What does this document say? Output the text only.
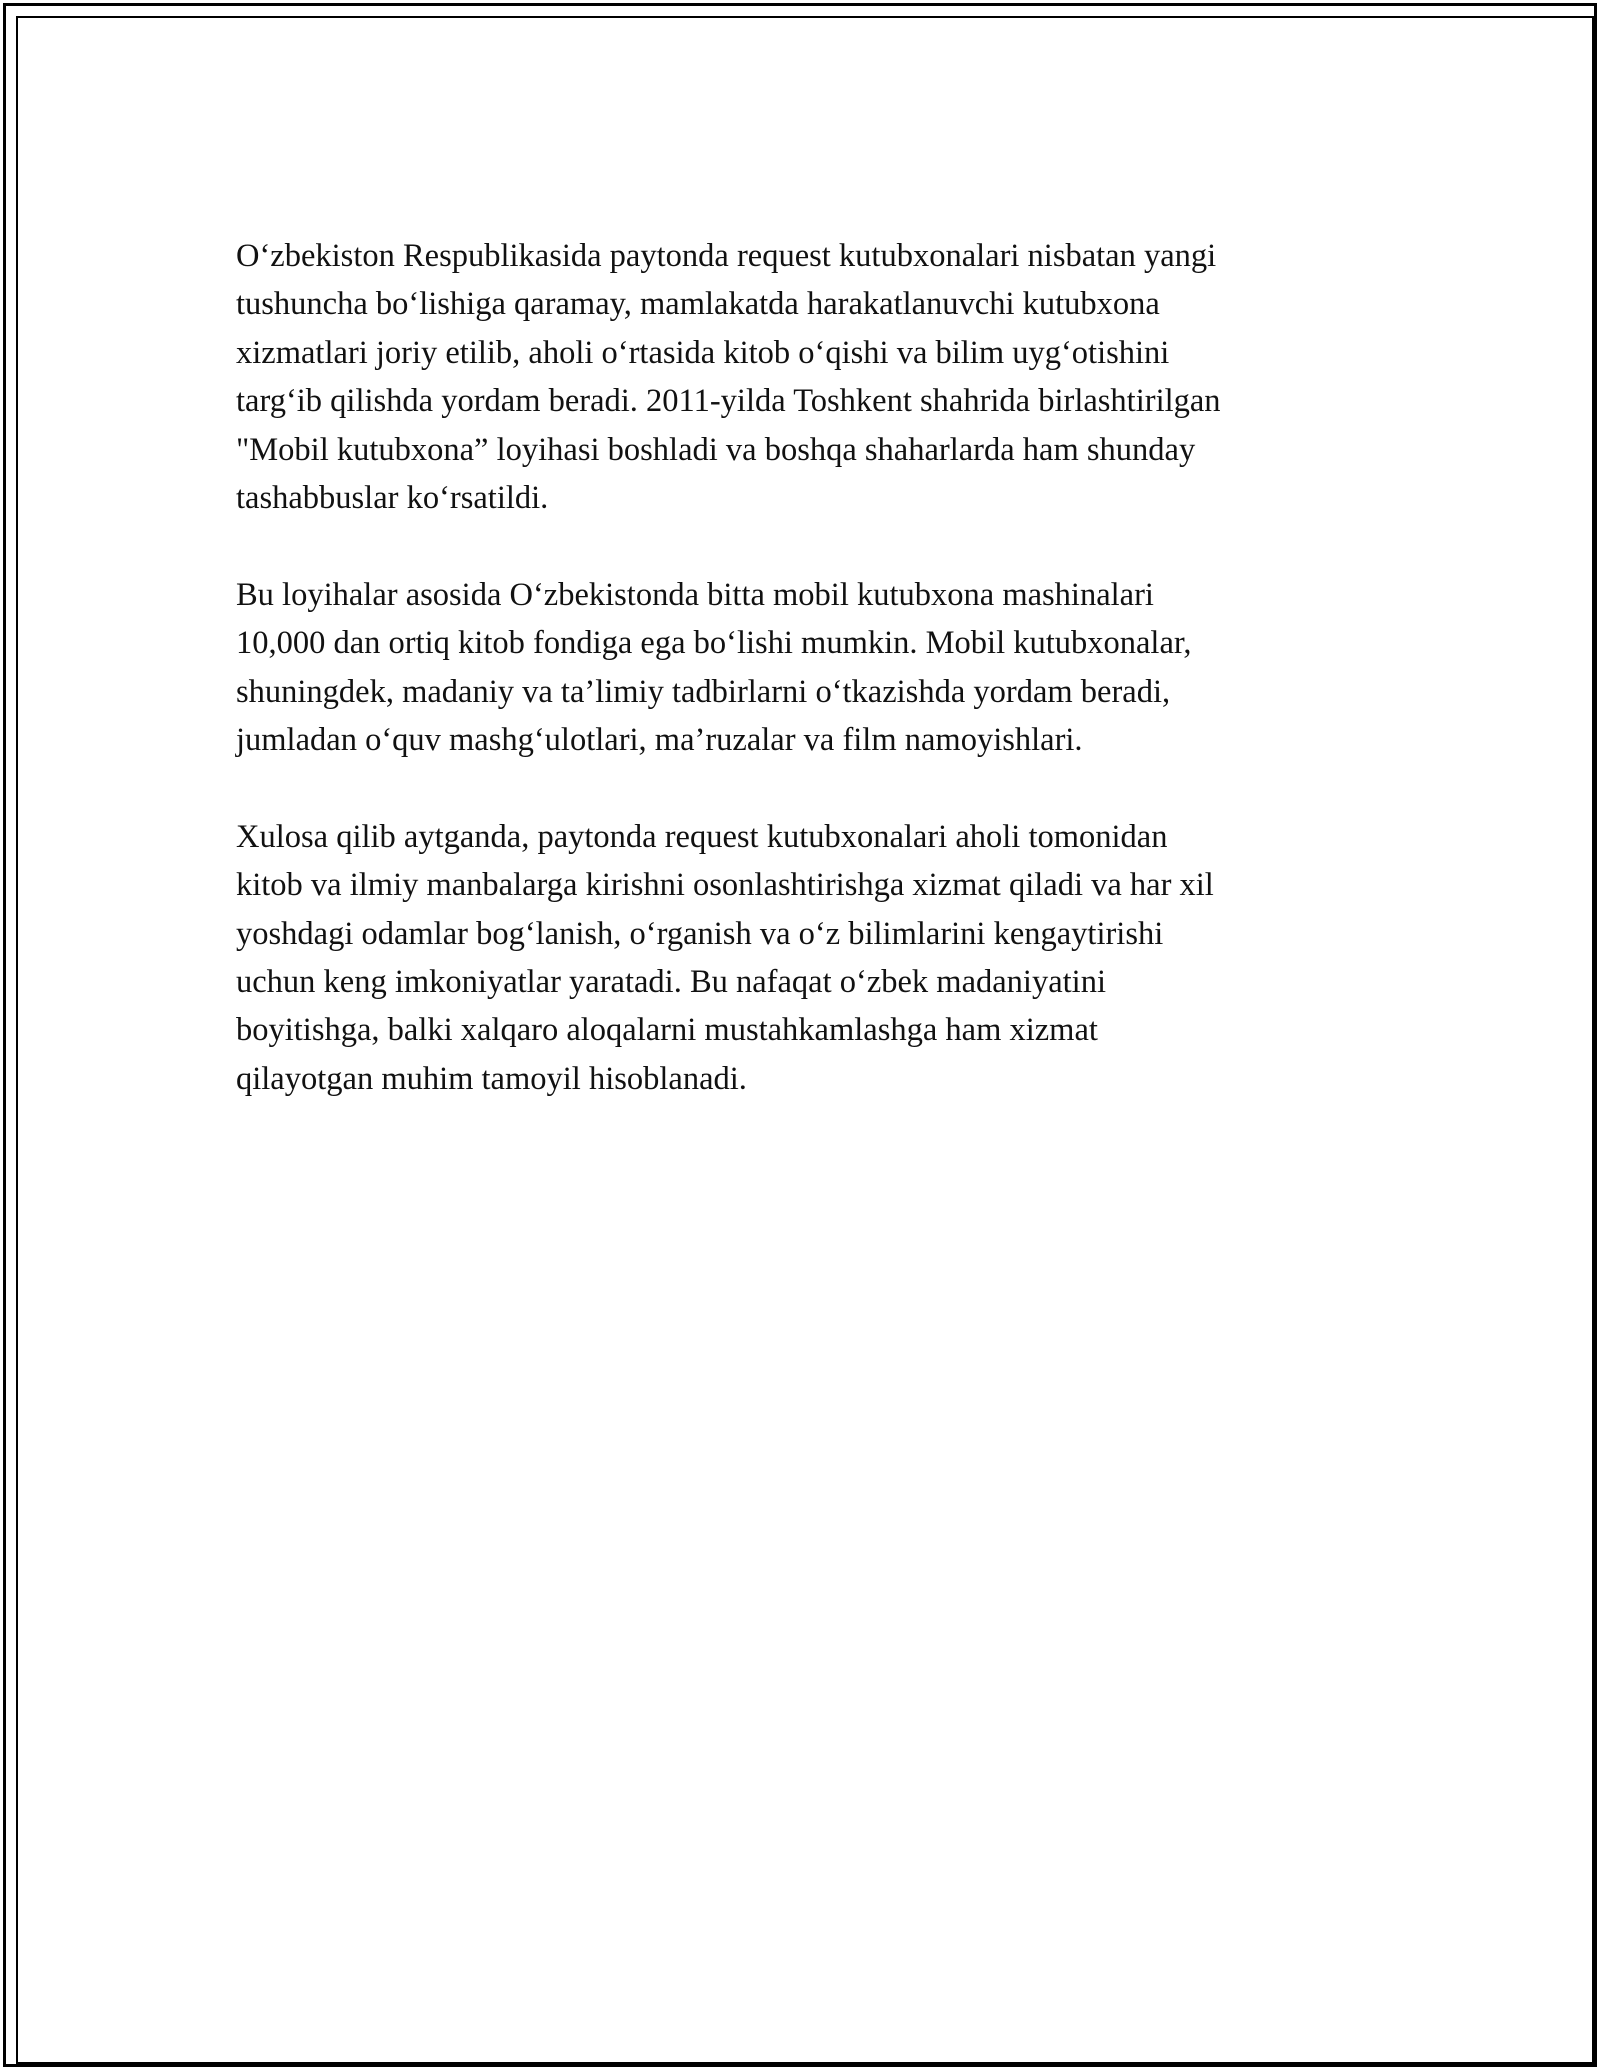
O‘zbekiston Respublikasida paytonda request kutubxonalari nisbatan yangi
tushuncha bo‘lishiga qaramay, mamlakatda harakatlanuvchi kutubxona
xizmatlari joriy etilib, aholi o‘rtasida kitob o‘qishi va bilim uyg‘otishini
targ‘ib qilishda yordam beradi. 2011-yilda Toshkent shahrida birlashtirilgan
"Mobil kutubxona” loyihasi boshladi va boshqa shaharlarda ham shunday
tashabbuslar ko‘rsatildi.

Bu loyihalar asosida O‘zbekistonda bitta mobil kutubxona mashinalari
10,000 dan ortiq kitob fondiga ega bo‘lishi mumkin. Mobil kutubxonalar,
shuningdek, madaniy va ta’limiy tadbirlarni o‘tkazishda yordam beradi,
jumladan o‘quv mashg‘ulotlari, ma’ruzalar va film namoyishlari.

Xulosa qilib aytganda, paytonda request kutubxonalari aholi tomonidan
kitob va ilmiy manbalarga kirishni osonlashtirishga xizmat qiladi va har xil
yoshdagi odamlar bog‘lanish, o‘rganish va o‘z bilimlarini kengaytirishi
uchun keng imkoniyatlar yaratadi. Bu nafaqat o‘zbek madaniyatini
boyitishga, balki xalqaro aloqalarni mustahkamlashga ham xizmat
qilayotgan muhim tamoyil hisoblanadi.
